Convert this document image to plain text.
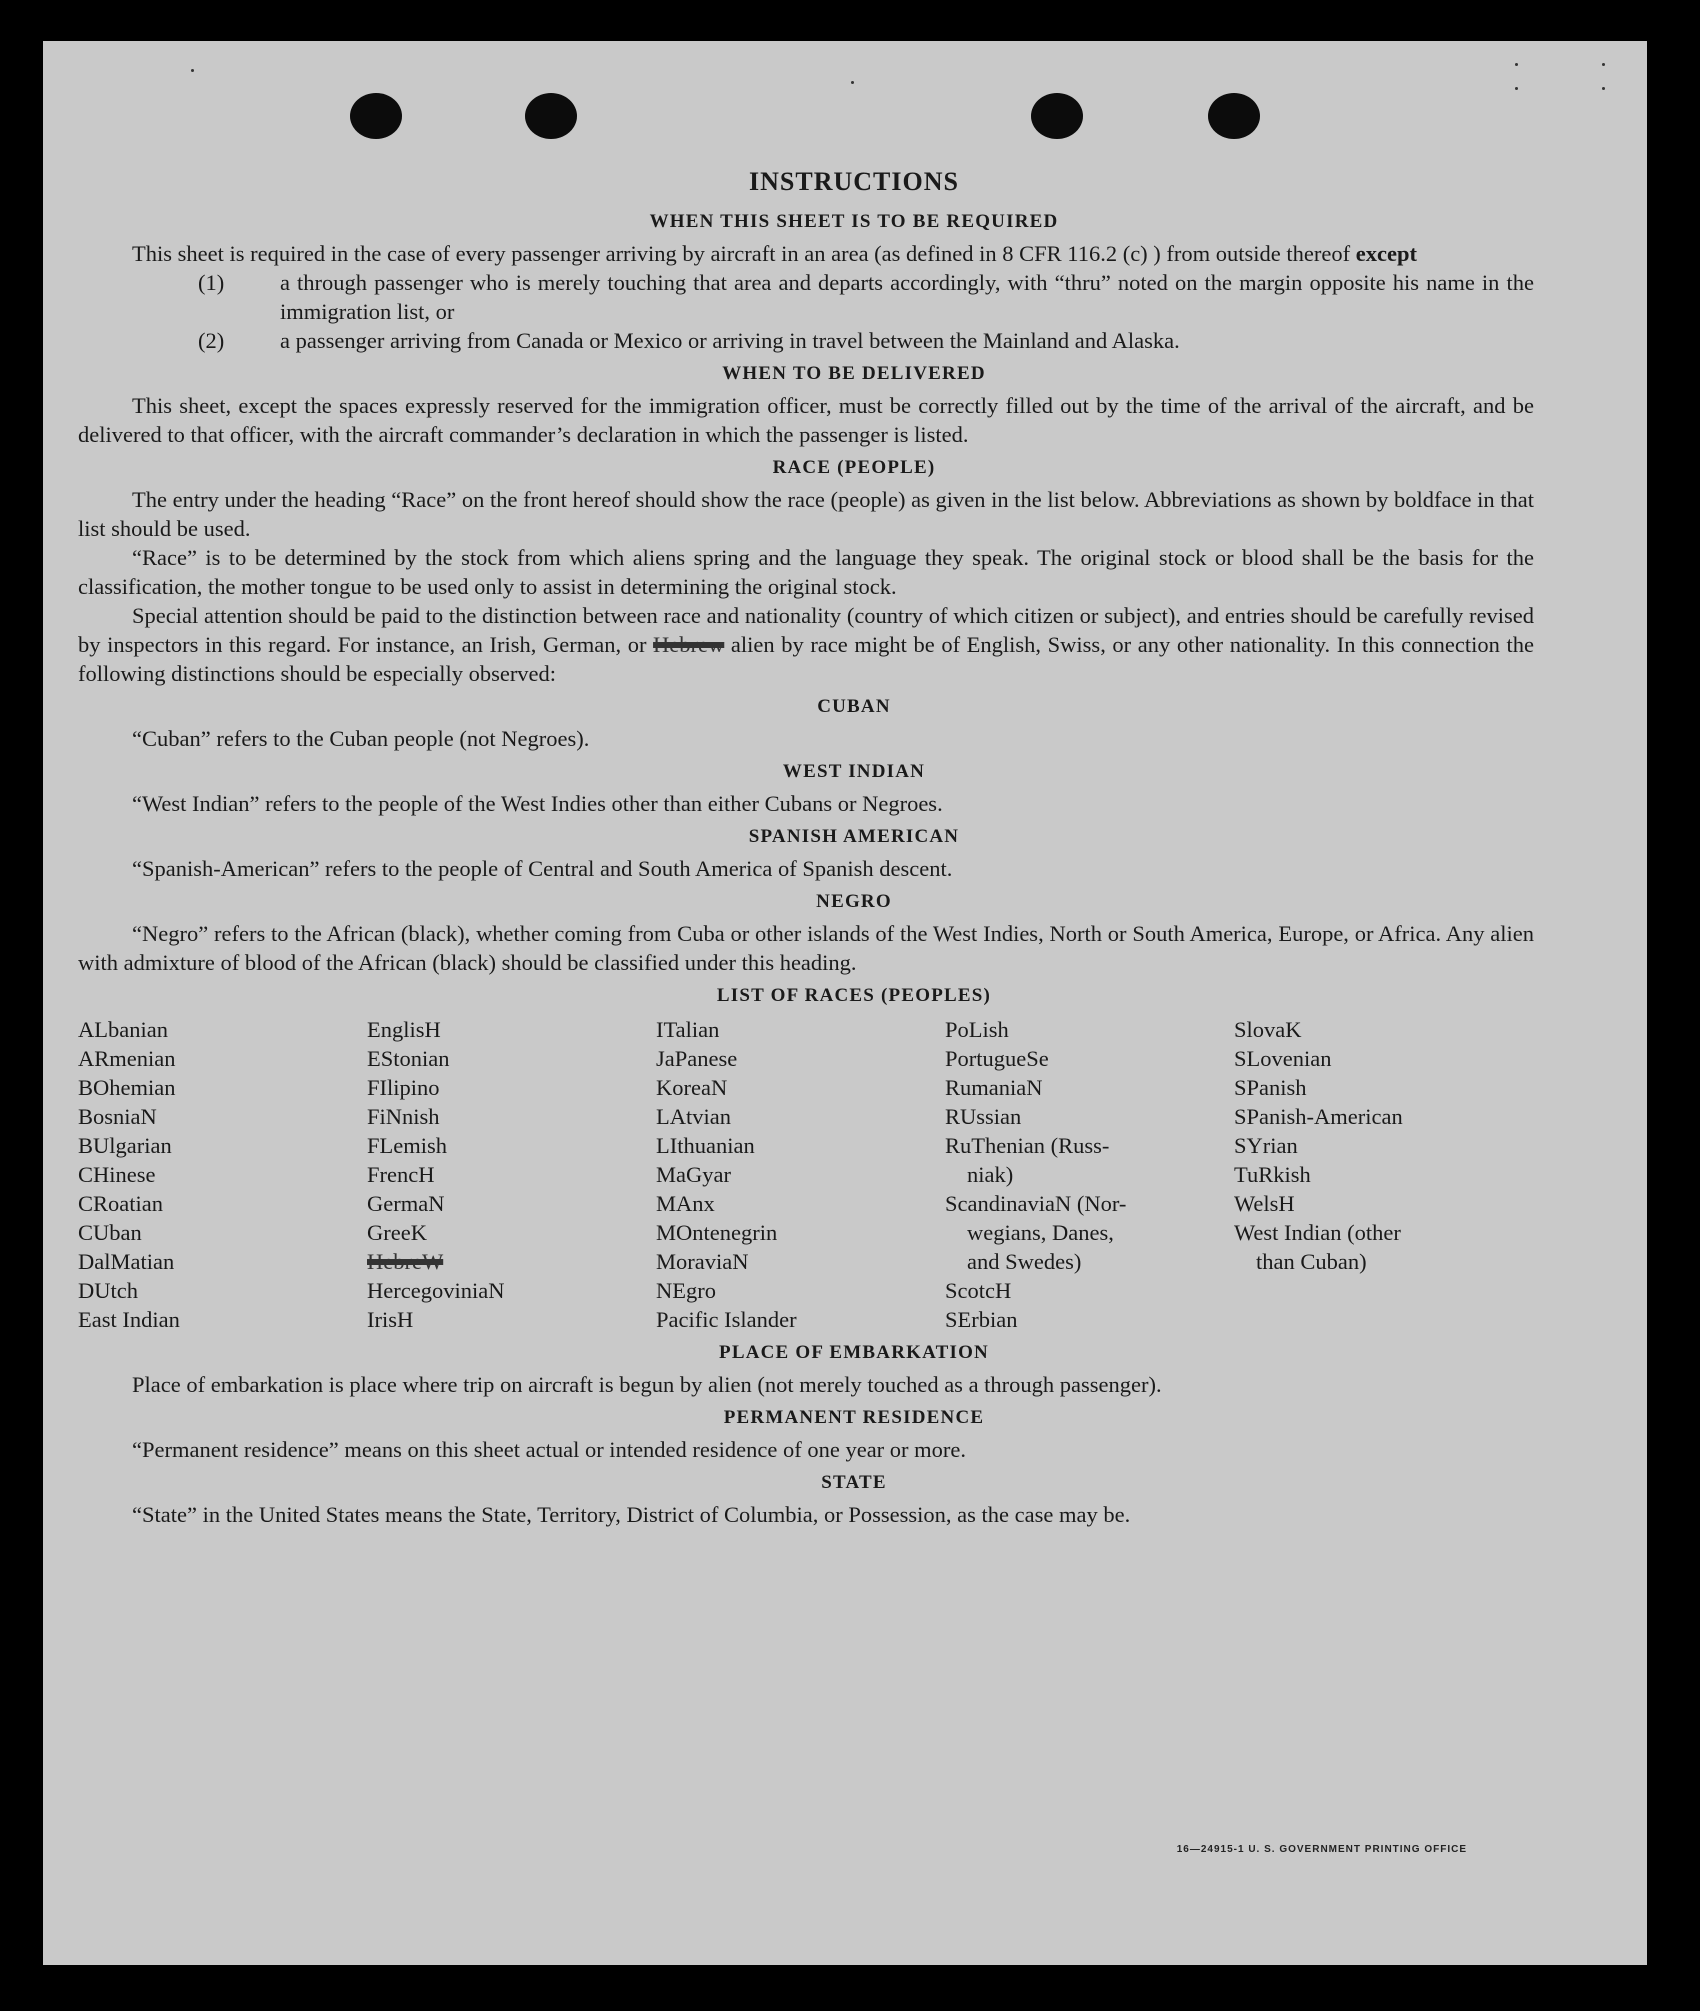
INSTRUCTIONS
WHEN THIS SHEET IS TO BE REQUIRED

This sheet is required in the case of every passenger arriving by aircraft in an area (as defined in 8 CFR 116.2 (c) ) from outside thereof except

(1) a through passenger who is merely touching that area and departs accordingly, with “thru” noted on the margin opposite his name in the immigration list, or
(2) a passenger arriving from Canada or Mexico or arriving in travel between the Mainland and Alaska.
WHEN TO BE DELIVERED

This sheet, except the spaces expressly reserved for the immigration officer, must be correctly filled out by the time of the arrival of the aircraft, and be delivered to that officer, with the aircraft commander’s declaration in which the passenger is listed.

RACE (PEOPLE)

The entry under the heading “Race” on the front hereof should show the race (people) as given in the list below. Abbreviations as shown by boldface in that list should be used.

“Race” is to be determined by the stock from which aliens spring and the language they speak. The original stock or blood shall be the basis for the classification, the mother tongue to be used only to assist in determining the original stock.

Special attention should be paid to the distinction between race and nationality (country of which citizen or subject), and entries should be carefully revised by inspectors in this regard. For instance, an Irish, German, or Hebrew alien by race might be of English, Swiss, or any other nationality. In this connection the following distinctions should be especially observed:

CUBAN

“Cuban” refers to the Cuban people (not Negroes).

WEST INDIAN

“West Indian” refers to the people of the West Indies other than either Cubans or Negroes.

SPANISH AMERICAN

“Spanish-American” refers to the people of Central and South America of Spanish descent.

NEGRO

“Negro” refers to the African (black), whether coming from Cuba or other islands of the West Indies, North or South America, Europe, or Africa. Any alien with admixture of blood of the African (black) should be classified under this heading.

LIST OF RACES (PEOPLES)
ALbanian
ARmenian
BOhemian
BosniaN
BUlgarian
CHinese
CRoatian
CUban
DalMatian
DUtch
East Indian
EnglisH
EStonian
FIlipino
FiNnish
FLemish
FrencH
GermaN
GreeK
HebreW
HercegoviniaN
IrisH
ITalian
JaPanese
KoreaN
LAtvian
LIthuanian
MaGyar
MAnx
MOntenegrin
MoraviaN
NEgro
Pacific Islander
PoLish
PortugueSe
RumaniaN
RUssian
RuThenian (Russ-
niak)
ScandinaviaN (Nor-
wegians, Danes,
and Swedes)
ScotcH
SErbian
SlovaK
SLovenian
SPanish
SPanish-American
SYrian
TuRkish
WelsH
West Indian (other
than Cuban)
PLACE OF EMBARKATION

Place of embarkation is place where trip on aircraft is begun by alien (not merely touched as a through passenger).

PERMANENT RESIDENCE

“Permanent residence” means on this sheet actual or intended residence of one year or more.

STATE

“State” in the United States means the State, Territory, District of Columbia, or Possession, as the case may be.

16—24915‑1 U. S. GOVERNMENT PRINTING OFFICE
